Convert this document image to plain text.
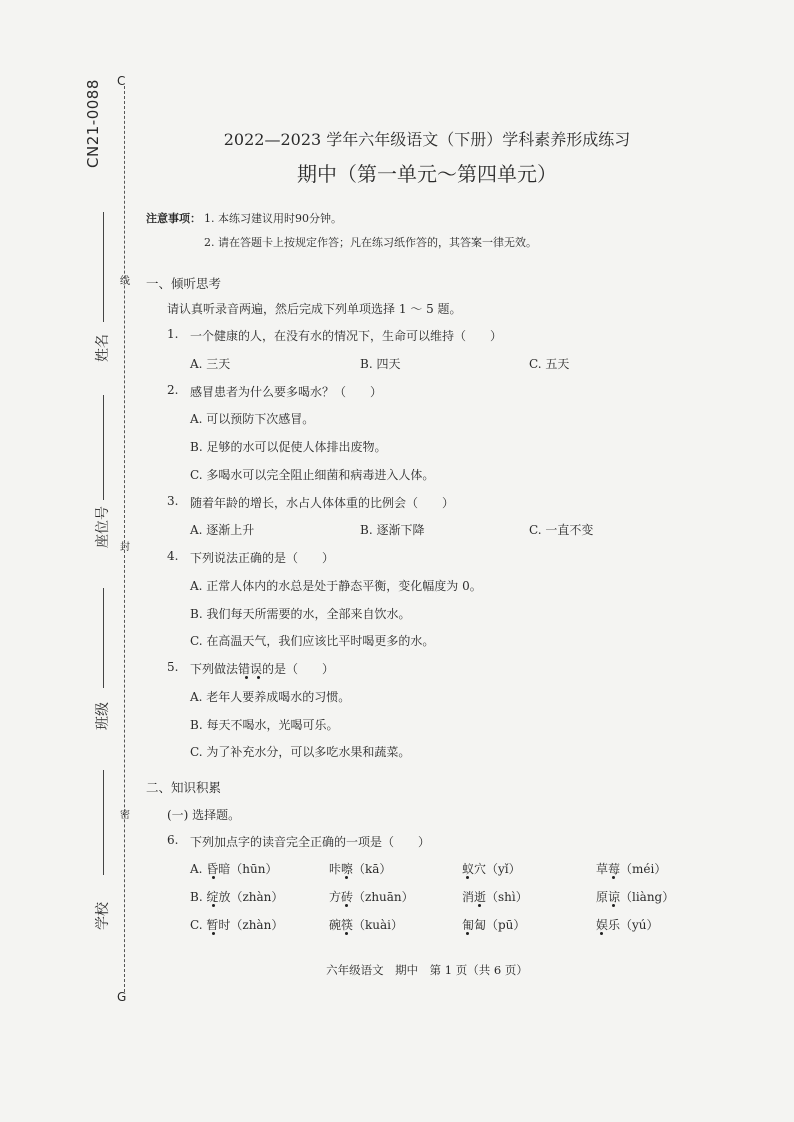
CN21-0088 C
G
线
封
密
姓名
座位号
班级
学校
2022—2023 学年六年级语文（下册）学科素养形成练习
期中（第一单元～第四单元）
注意事项： 1. 本练习建议用时90分钟。
2. 请在答题卡上按规定作答；凡在练习纸作答的，其答案一律无效。
一、倾听思考
请认真听录音两遍，然后完成下列单项选择 1 ～ 5 题。
1. 一个健康的人，在没有水的情况下，生命可以维持（　　）
A. 三天	B. 四天	C. 五天
2. 感冒患者为什么要多喝水？（　　）
A. 可以预防下次感冒。
B. 足够的水可以促使人体排出废物。
C. 多喝水可以完全阻止细菌和病毒进入人体。
3. 随着年龄的增长，水占人体体重的比例会（　　）
A. 逐渐上升	B. 逐渐下降	C. 一直不变
4. 下列说法正确的是（　　）
A. 正常人体内的水总是处于静态平衡，变化幅度为 0。
B. 我们每天所需要的水，全部来自饮水。
C. 在高温天气，我们应该比平时喝更多的水。
5. 下列做法错误的是（　　）
A. 老年人要养成喝水的习惯。
B. 每天不喝水，光喝可乐。
C. 为了补充水分，可以多吃水果和蔬菜。
二、知识积累
(一) 选择题。
6. 下列加点字的读音完全正确的一项是（　　）
A. 昏暗（hūn）	咔嚓（kā）	蚁穴（yǐ）	草莓（méi）
B. 绽放（zhàn）	方砖（zhuān）	消逝（shì）	原谅（liàng）
C. 暂时（zhàn）	碗筷（kuài）	匍匐（pū）	娱乐（yú）
六年级语文　期中　第 1 页（共 6 页）
